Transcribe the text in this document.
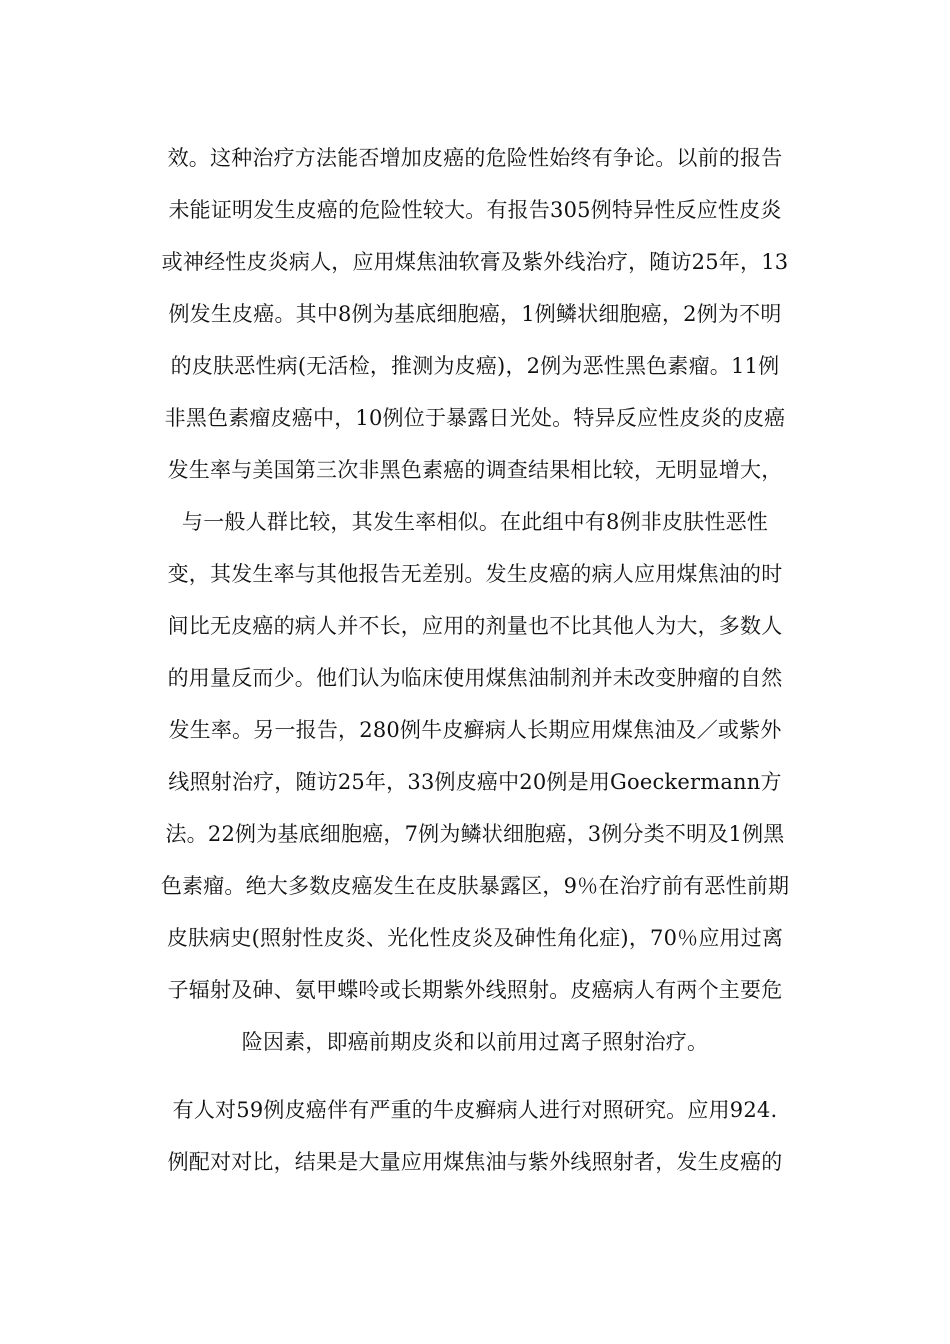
效。这种治疗方法能否增加皮癌的危险性始终有争论。以前的报告
未能证明发生皮癌的危险性较大。有报告305例特异性反应性皮炎
或神经性皮炎病人，应用煤焦油软膏及紫外线治疗，随访25年，13
例发生皮癌。其中8例为基底细胞癌，1例鳞状细胞癌，2例为不明
的皮肤恶性病(无活检，推测为皮癌)，2例为恶性黑色素瘤。11例
非黑色素瘤皮癌中，10例位于暴露日光处。特异反应性皮炎的皮癌
发生率与美国第三次非黑色素癌的调查结果相比较，无明显增大，
与一般人群比较，其发生率相似。在此组中有8例非皮肤性恶性
变，其发生率与其他报告无差别。发生皮癌的病人应用煤焦油的时
间比无皮癌的病人并不长，应用的剂量也不比其他人为大，多数人
的用量反而少。他们认为临床使用煤焦油制剂并未改变肿瘤的自然
发生率。另一报告，280例牛皮癣病人长期应用煤焦油及／或紫外
线照射治疗，随访25年，33例皮癌中20例是用Goeckermann方
法。22例为基底细胞癌，7例为鳞状细胞癌，3例分类不明及1例黑
色素瘤。绝大多数皮癌发生在皮肤暴露区，9％在治疗前有恶性前期
皮肤病史(照射性皮炎、光化性皮炎及砷性角化症)，70％应用过离
子辐射及砷、氨甲蝶呤或长期紫外线照射。皮癌病人有两个主要危
险因素，即癌前期皮炎和以前用过离子照射治疗。
有人对59例皮癌伴有严重的牛皮癣病人进行对照研究。应用924.
例配对对比，结果是大量应用煤焦油与紫外线照射者，发生皮癌的
